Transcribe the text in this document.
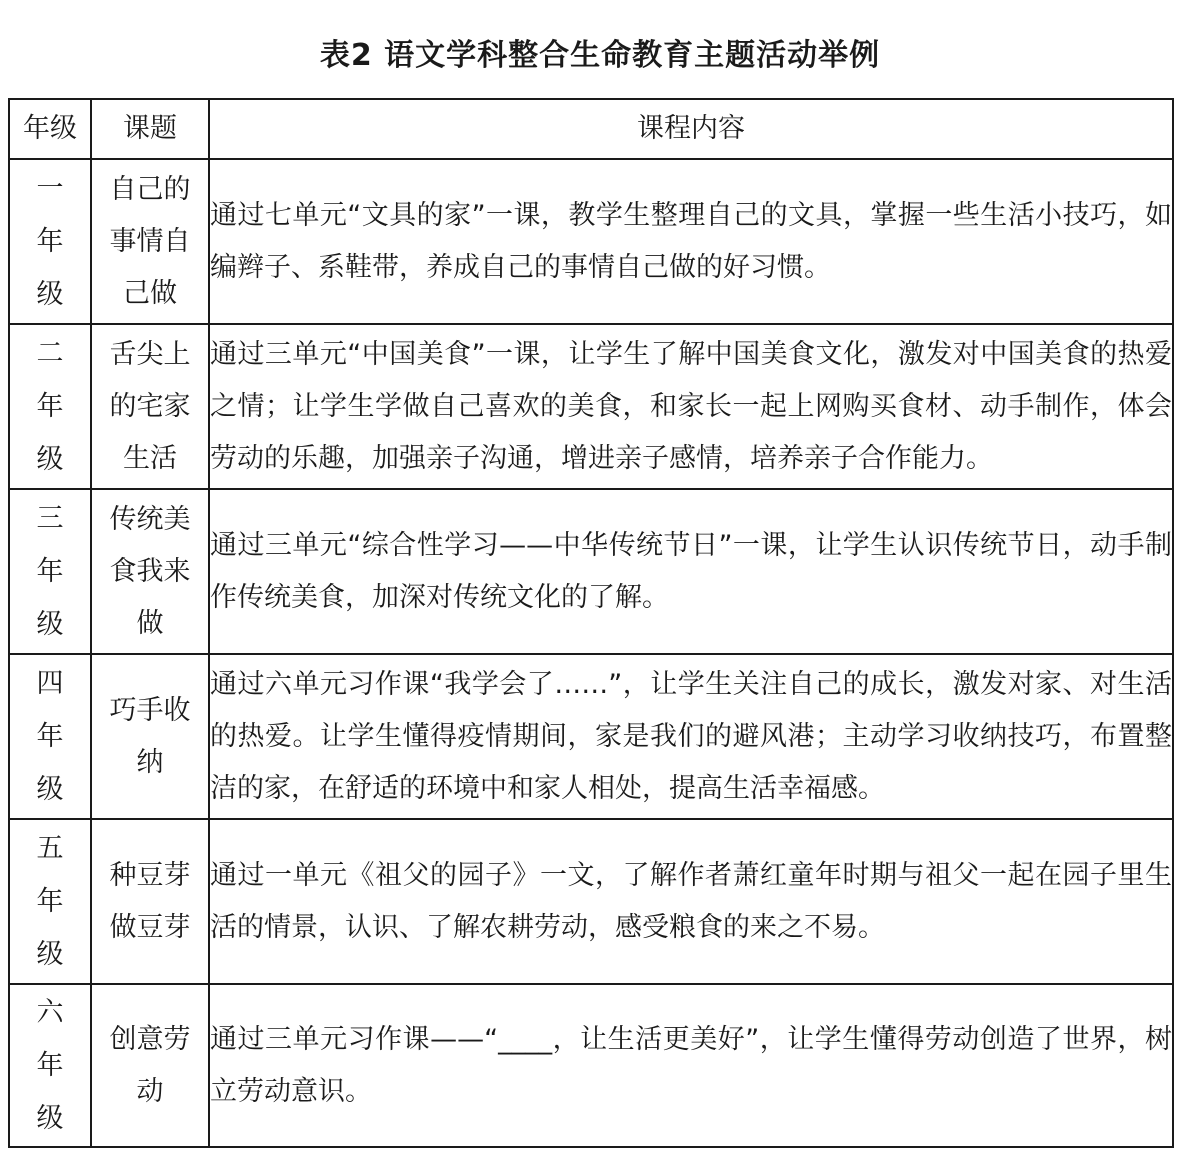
表2 语文学科整合生命教育主题活动举例
年级	课题	课程内容
一年级	自己的事情自己做	通过七单元“文具的家”一课，教学生整理自己的文具，掌握一些生活小技巧，如编辫子、系鞋带，养成自己的事情自己做的好习惯。

二年级	舌尖上的宅家生活	通过三单元“中国美食”一课，让学生了解中国美食文化，激发对中国美食的热爱之情；让学生学做自己喜欢的美食，和家长一起上网购买食材、动手制作，体会劳动的乐趣，加强亲子沟通，增进亲子感情，培养亲子合作能力。

三年级	传统美食我来做	通过三单元“综合性学习——中华传统节日”一课，让学生认识传统节日，动手制作传统美食，加深对传统文化的了解。

四年级	巧手收纳	通过六单元习作课“我学会了……”，让学生关注自己的成长，激发对家、对生活的热爱。让学生懂得疫情期间，家是我们的避风港；主动学习收纳技巧，布置整洁的家，在舒适的环境中和家人相处，提高生活幸福感。

五年级	种豆芽做豆芽	通过一单元《祖父的园子》一文，了解作者萧红童年时期与祖父一起在园子里生活的情景，认识、了解农耕劳动，感受粮食的来之不易。

六年级	创意劳动	通过三单元习作课——“____，让生活更美好”，让学生懂得劳动创造了世界，树立劳动意识。
